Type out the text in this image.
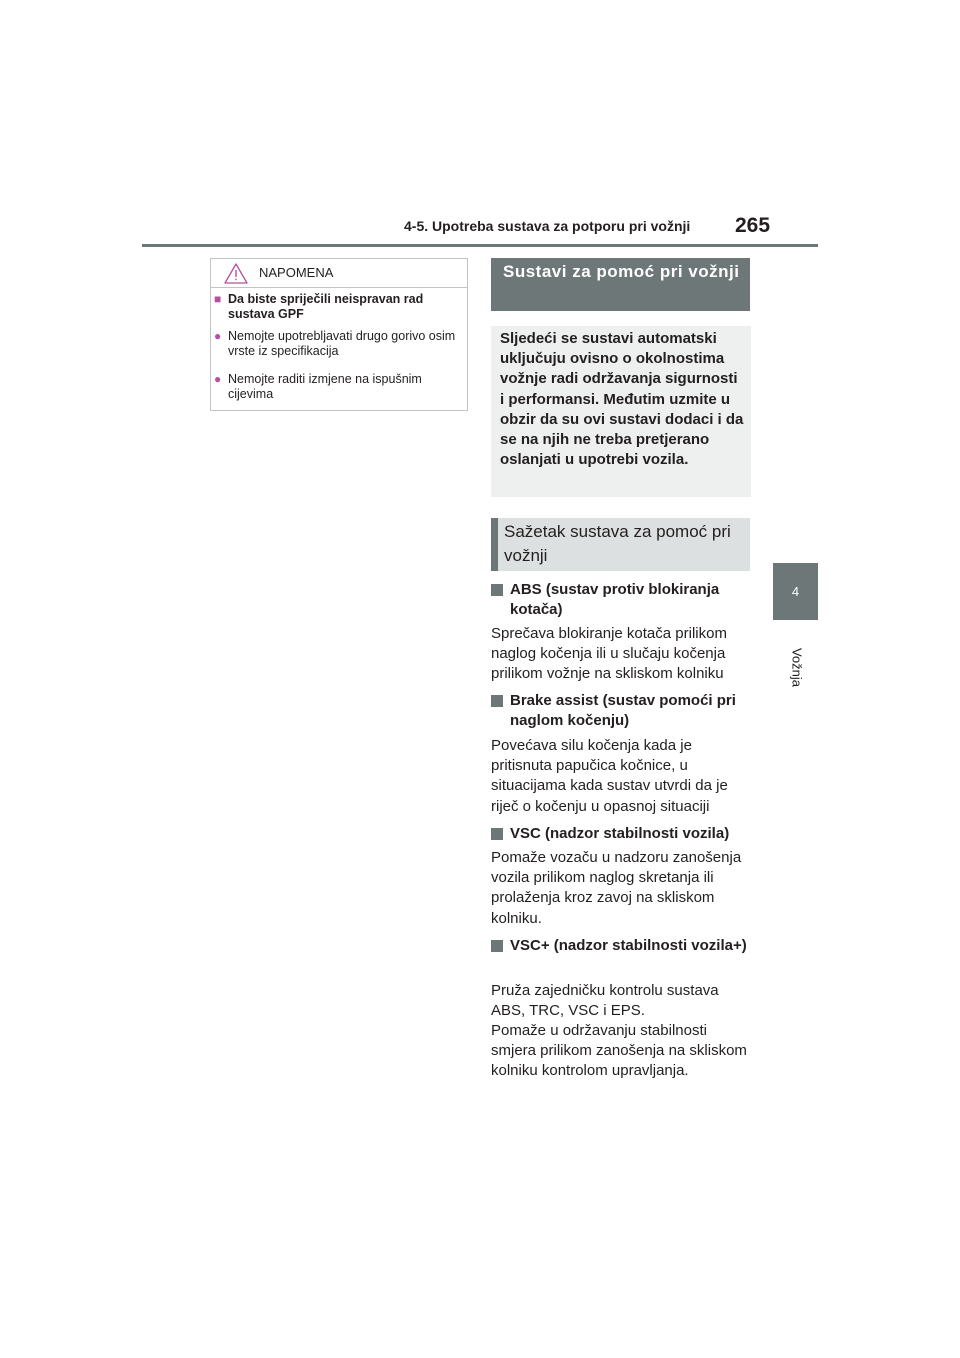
4-5. Upotreba sustava za potporu pri vožnji 265
4
Vožnja
NAPOMENA
■ Da biste spriječili neispravan rad sustava GPF
● Nemojte upotrebljavati drugo gorivo osim vrste iz specifikacija
● Nemojte raditi izmjene na ispušnim cijevima
Sustavi za pomoć pri vožnji
Sljedeći se sustavi automatski uključuju ovisno o okolnostima vožnje radi održavanja sigurnosti i performansi. Međutim uzmite u obzir da su ovi sustavi dodaci i da se na njih ne treba pretjerano oslanjati u upotrebi vozila.
Sažetak sustava za pomoć pri vožnji
ABS (sustav protiv blokiranja kotača)
Sprečava blokiranje kotača prilikom naglog kočenja ili u slučaju kočenja prilikom vožnje na skliskom kolniku
Brake assist (sustav pomoći pri naglom kočenju)
Povećava silu kočenja kada je pritisnuta papučica kočnice, u situacijama kada sustav utvrdi da je riječ o kočenju u opasnoj situaciji
VSC (nadzor stabilnosti vozila)
Pomaže vozaču u nadzoru zanošenja vozila prilikom naglog skretanja ili prolaženja kroz zavoj na skliskom kolniku.
VSC+ (nadzor stabilnosti vozila+)
Pruža zajedničku kontrolu sustava ABS, TRC, VSC i EPS.
Pomaže u održavanju stabilnosti smjera prilikom zanošenja na skliskom kolniku kontrolom upravljanja.
